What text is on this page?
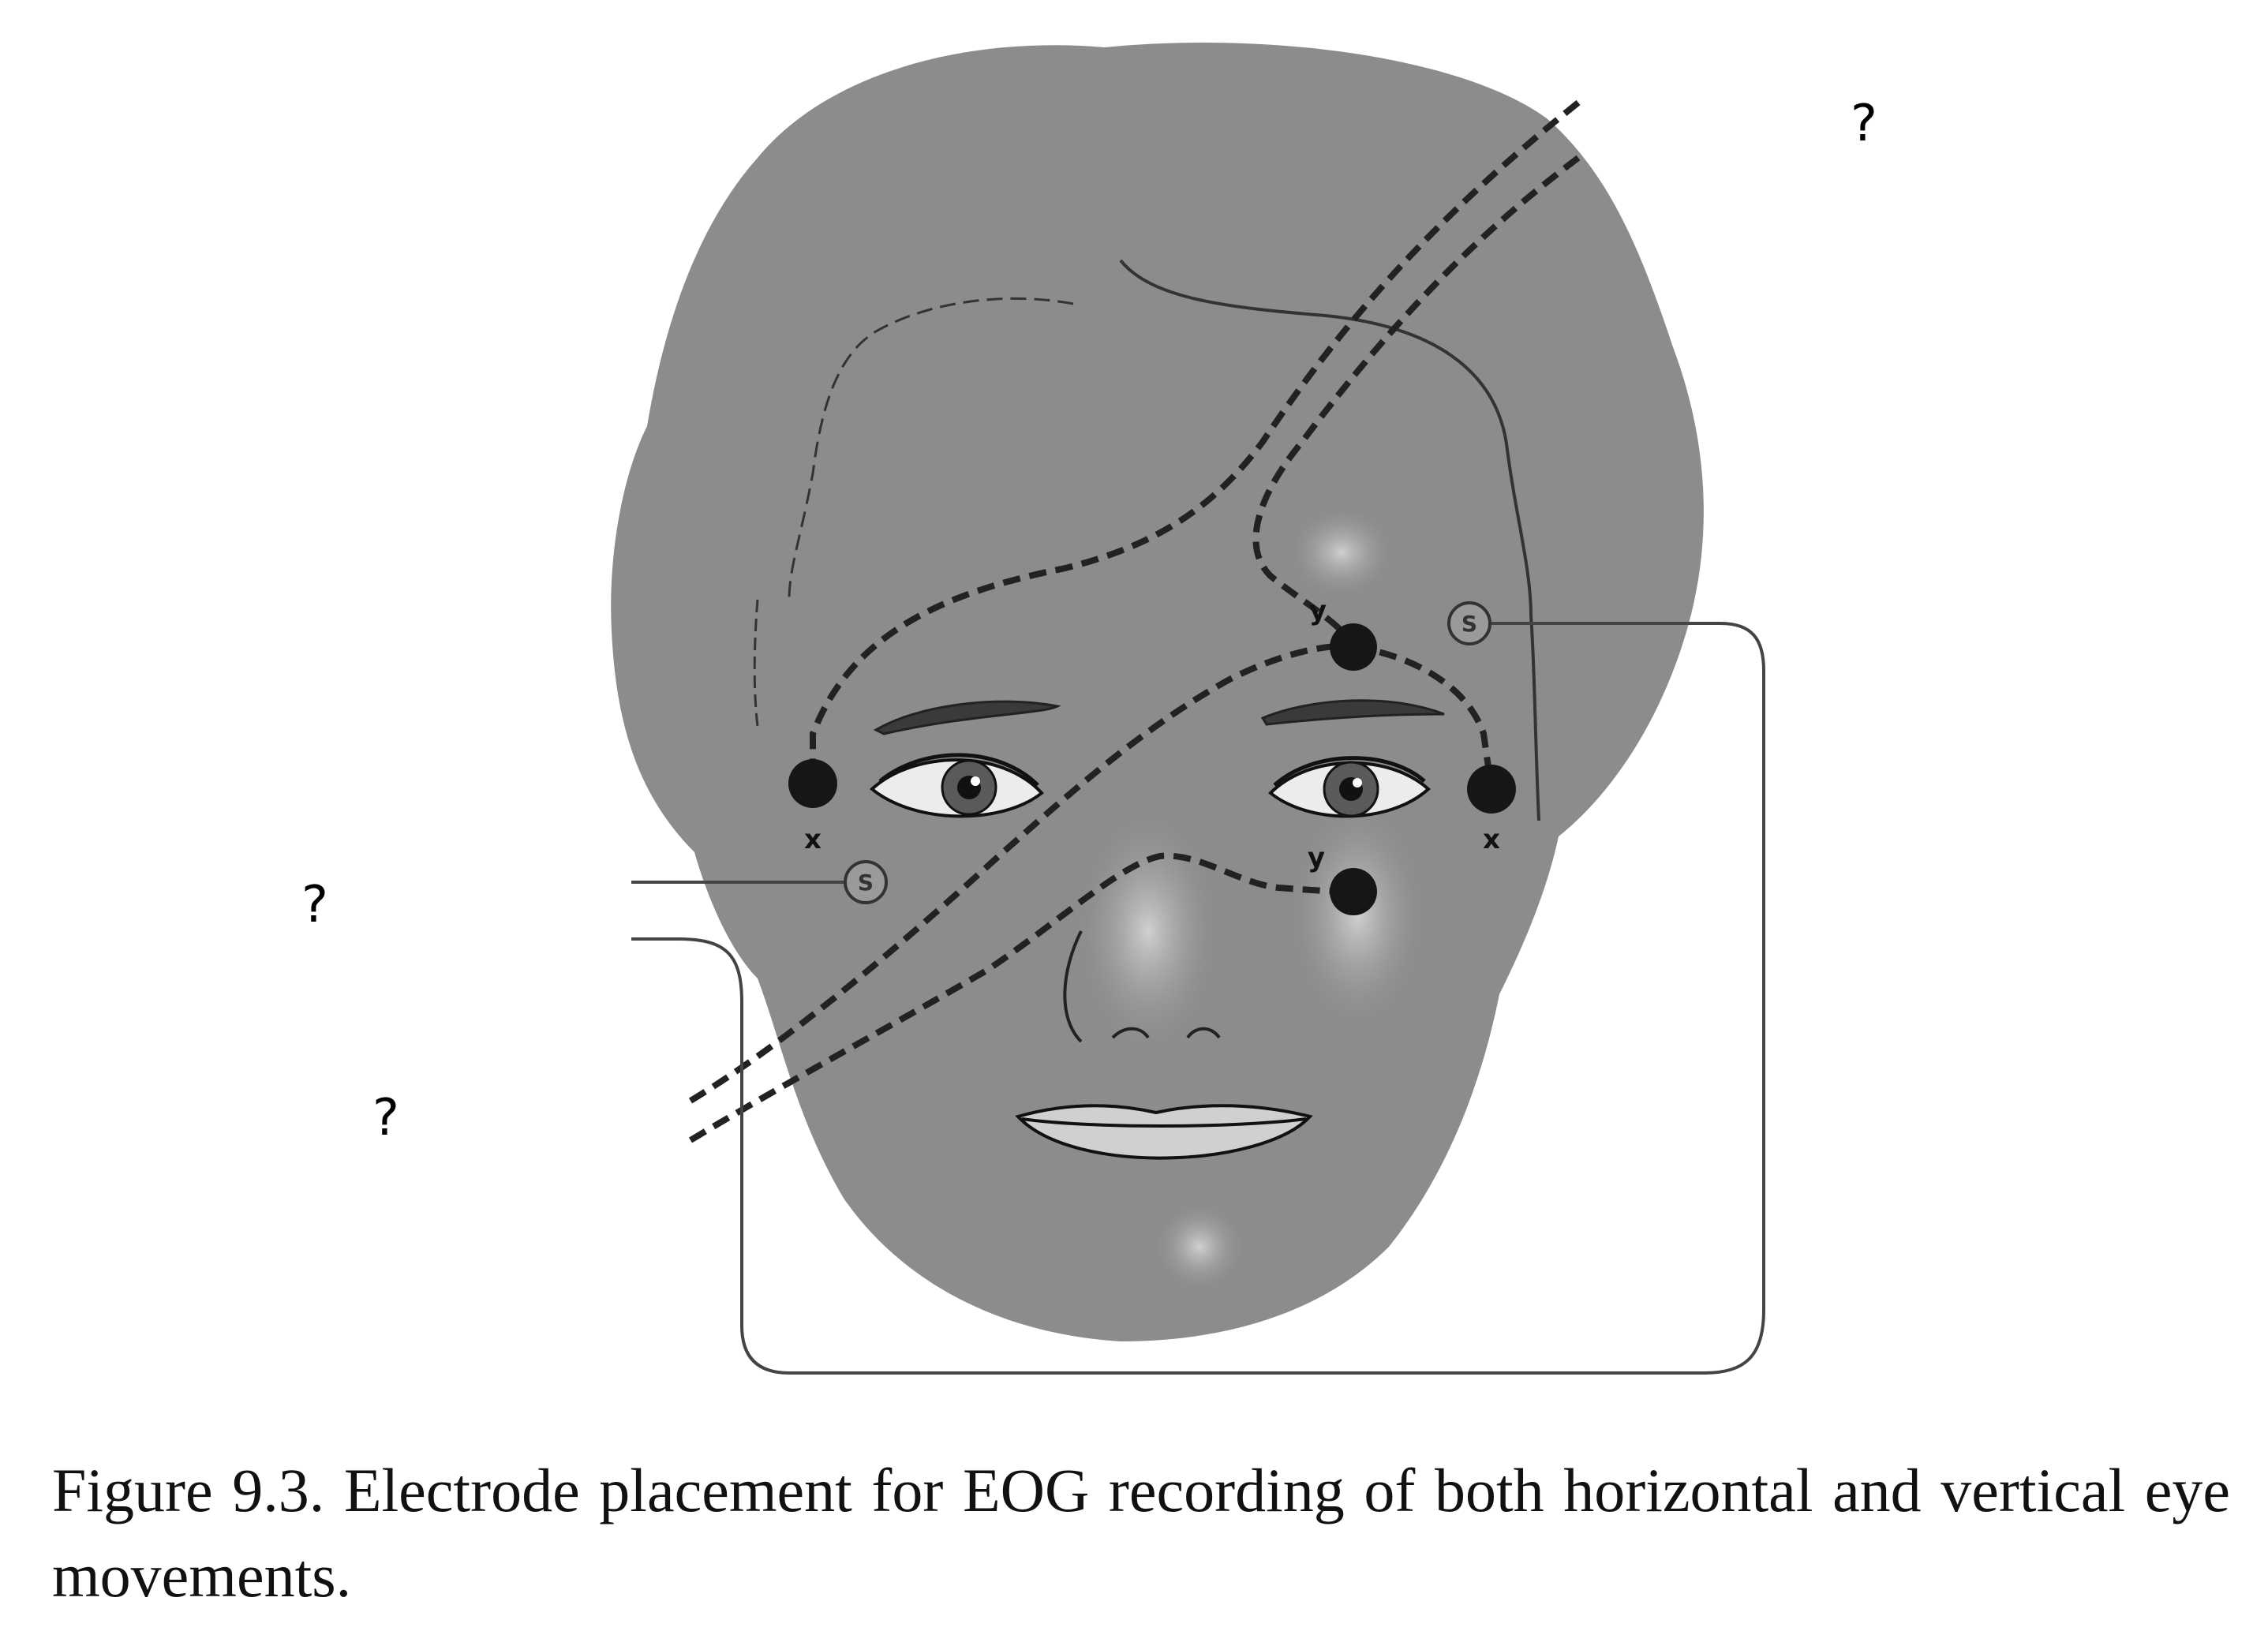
x	x
y
y
S
S
Figure 9.3. Electrode placement for EOG recording of both horizontal and vertical eye movements.
?
?
?
